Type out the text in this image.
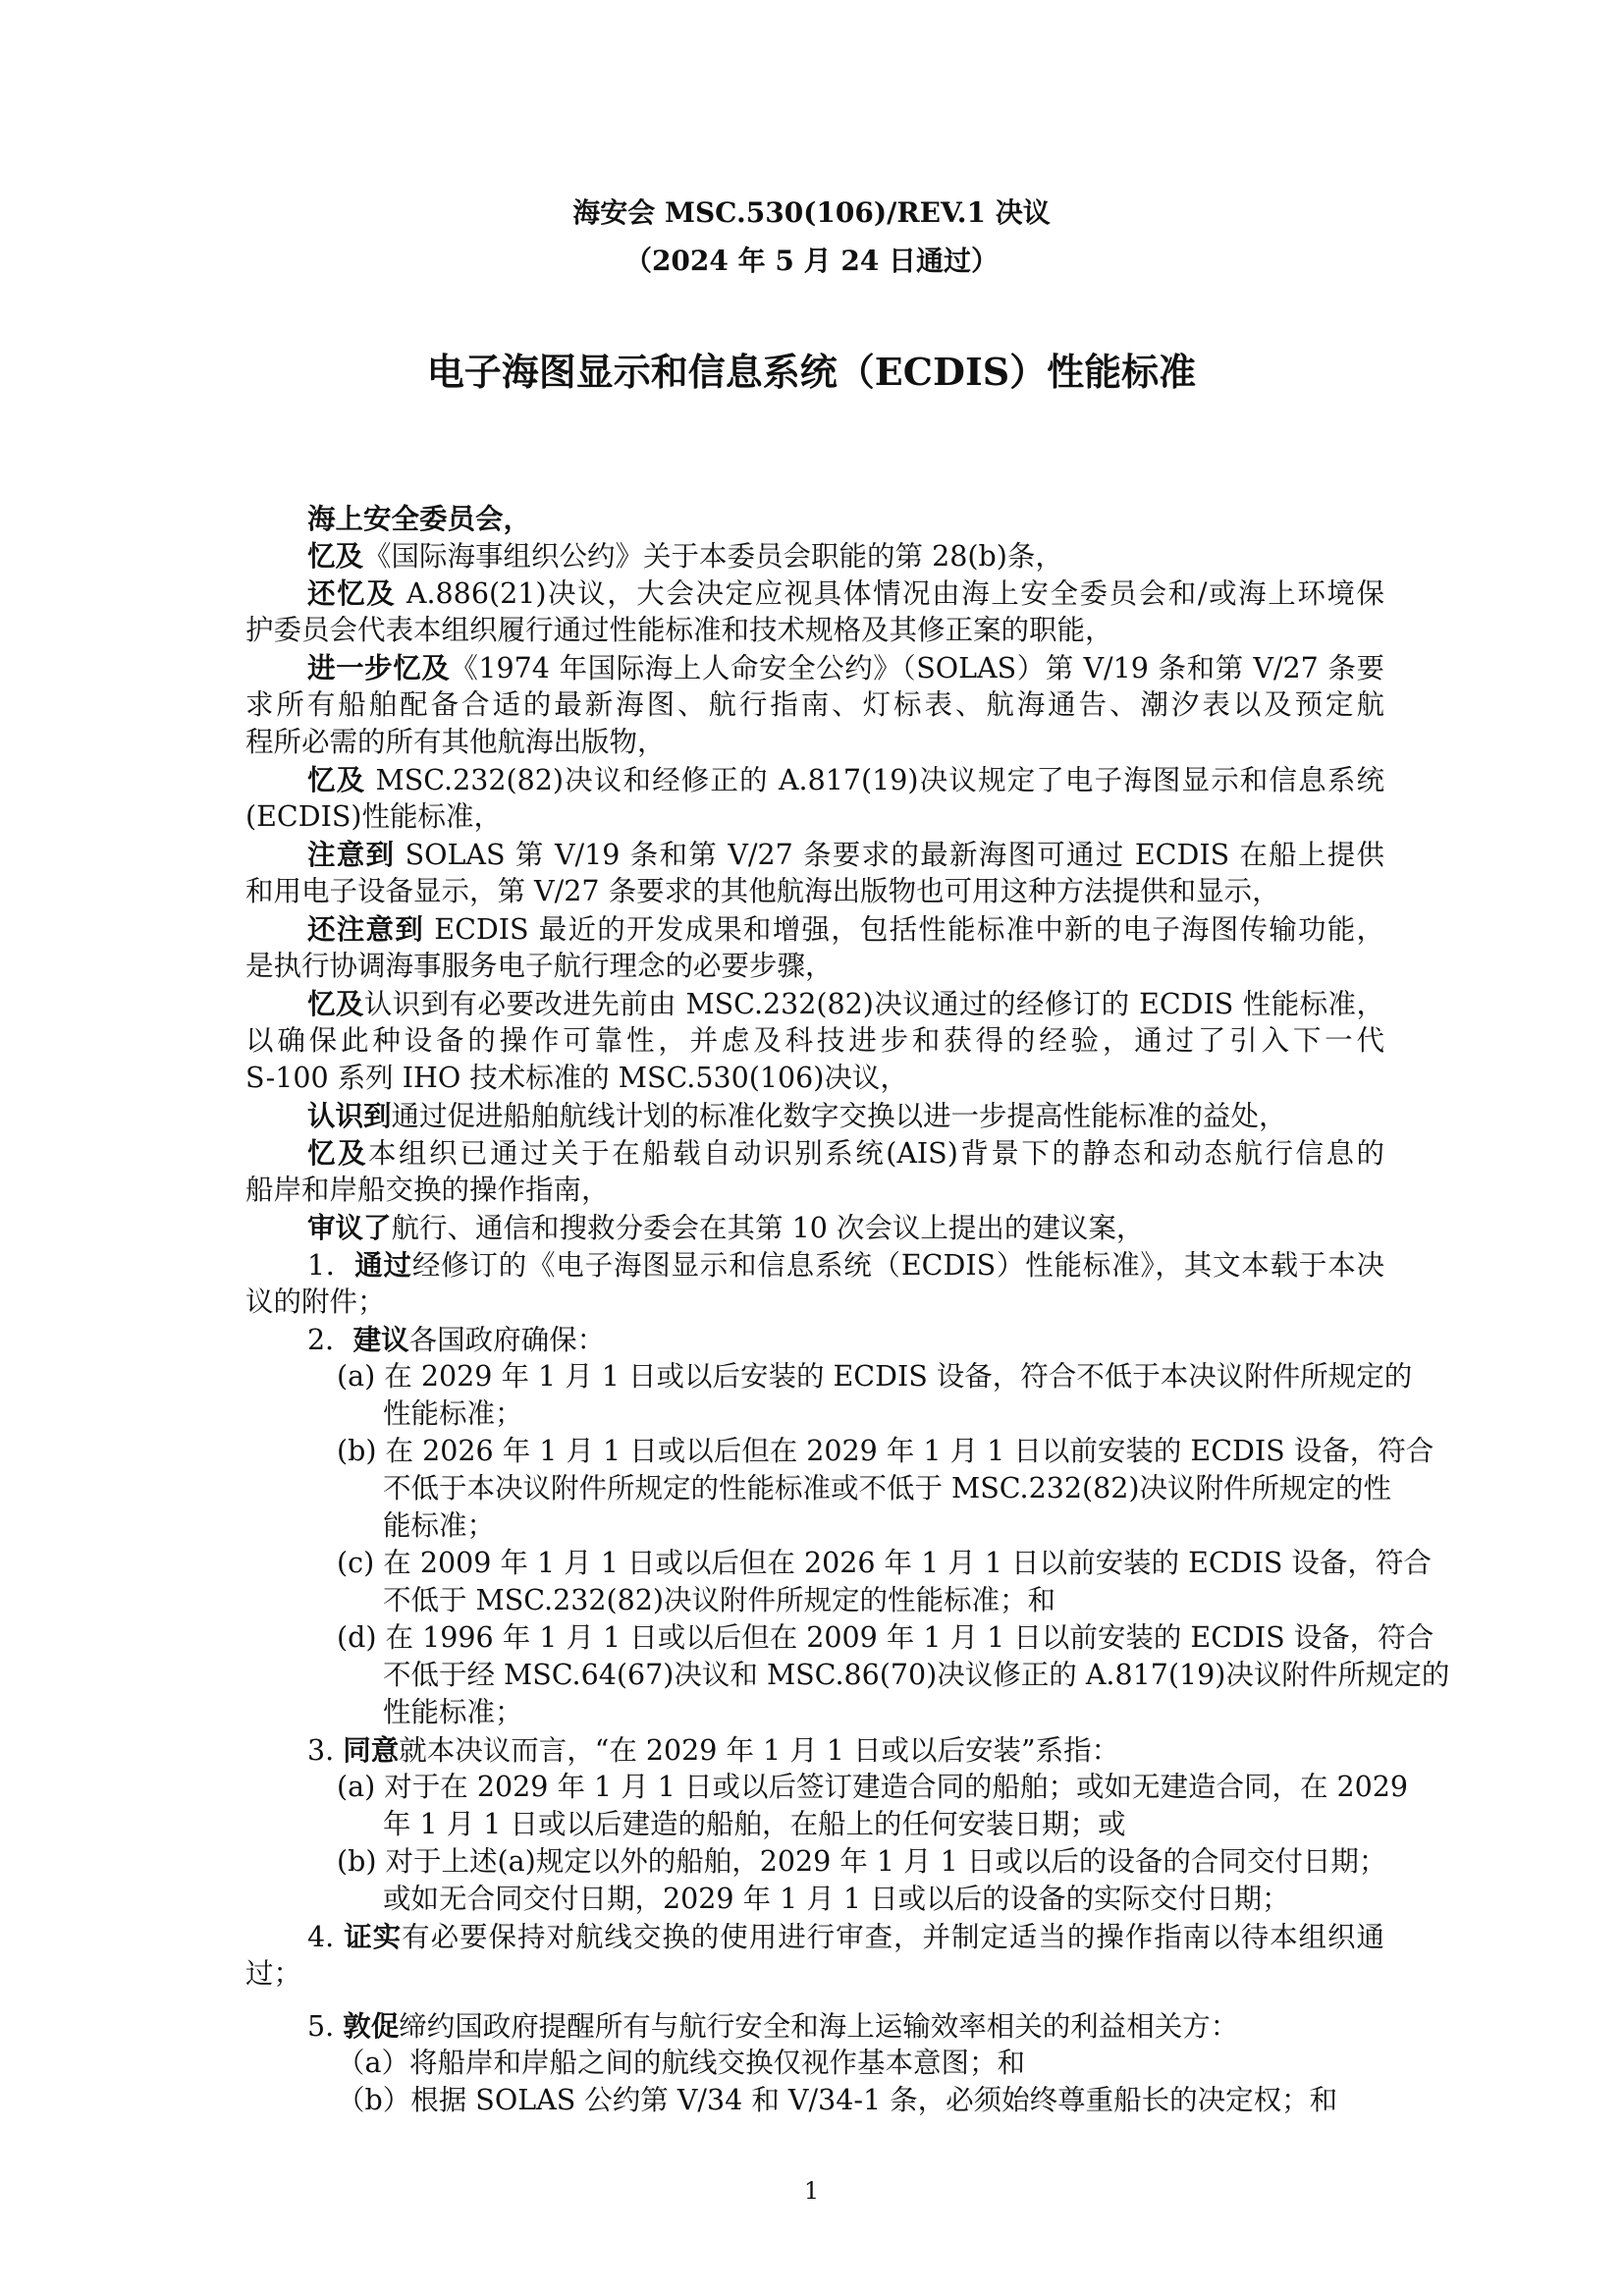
海安会 MSC.530(106)/REV.1 决议
（2024 年 5 月 24 日通过）
电子海图显示和信息系统（ECDIS）性能标准
海上安全委员会，
忆及《国际海事组织公约》关于本委员会职能的第 28(b)条，
还忆及 A.886(21)决议，大会决定应视具体情况由海上安全委员会和/或海上环境保
护委员会代表本组织履行通过性能标准和技术规格及其修正案的职能，
进一步忆及《1974 年国际海上人命安全公约》（SOLAS）第 V/19 条和第 V/27 条要
求所有船舶配备合适的最新海图、航行指南、灯标表、航海通告、潮汐表以及预定航
程所必需的所有其他航海出版物，
忆及 MSC.232(82)决议和经修正的 A.817(19)决议规定了电子海图显示和信息系统
(ECDIS)性能标准，
注意到 SOLAS 第 V/19 条和第 V/27 条要求的最新海图可通过 ECDIS 在船上提供
和用电子设备显示，第 V/27 条要求的其他航海出版物也可用这种方法提供和显示，
还注意到 ECDIS 最近的开发成果和增强，包括性能标准中新的电子海图传输功能，
是执行协调海事服务电子航行理念的必要步骤，
忆及认识到有必要改进先前由 MSC.232(82)决议通过的经修订的 ECDIS 性能标准，
以确保此种设备的操作可靠性，并虑及科技进步和获得的经验，通过了引入下一代
S-100 系列 IHO 技术标准的 MSC.530(106)决议，
认识到通过促进船舶航线计划的标准化数字交换以进一步提高性能标准的益处，
忆及本组织已通过关于在船载自动识别系统(AIS)背景下的静态和动态航行信息的
船岸和岸船交换的操作指南，
审议了航行、通信和搜救分委会在其第 10 次会议上提出的建议案，
1．通过经修订的《电子海图显示和信息系统（ECDIS）性能标准》，其文本载于本决
议的附件；
2．建议各国政府确保：
(a) 在 2029 年 1 月 1 日或以后安装的 ECDIS 设备，符合不低于本决议附件所规定的
性能标准；
(b) 在 2026 年 1 月 1 日或以后但在 2029 年 1 月 1 日以前安装的 ECDIS 设备，符合
不低于本决议附件所规定的性能标准或不低于 MSC.232(82)决议附件所规定的性
能标准；
(c) 在 2009 年 1 月 1 日或以后但在 2026 年 1 月 1 日以前安装的 ECDIS 设备，符合
不低于 MSC.232(82)决议附件所规定的性能标准；和
(d) 在 1996 年 1 月 1 日或以后但在 2009 年 1 月 1 日以前安装的 ECDIS 设备，符合
不低于经 MSC.64(67)决议和 MSC.86(70)决议修正的 A.817(19)决议附件所规定的
性能标准；
3. 同意就本决议而言，“在 2029 年 1 月 1 日或以后安装”系指：
(a) 对于在 2029 年 1 月 1 日或以后签订建造合同的船舶；或如无建造合同，在 2029
年 1 月 1 日或以后建造的船舶，在船上的任何安装日期；或
(b) 对于上述(a)规定以外的船舶，2029 年 1 月 1 日或以后的设备的合同交付日期；
或如无合同交付日期，2029 年 1 月 1 日或以后的设备的实际交付日期；
4. 证实有必要保持对航线交换的使用进行审查，并制定适当的操作指南以待本组织通
过；
5. 敦促缔约国政府提醒所有与航行安全和海上运输效率相关的利益相关方：
（a）将船岸和岸船之间的航线交换仅视作基本意图；和
（b）根据 SOLAS 公约第 V/34 和 V/34-1 条，必须始终尊重船长的决定权；和
1
